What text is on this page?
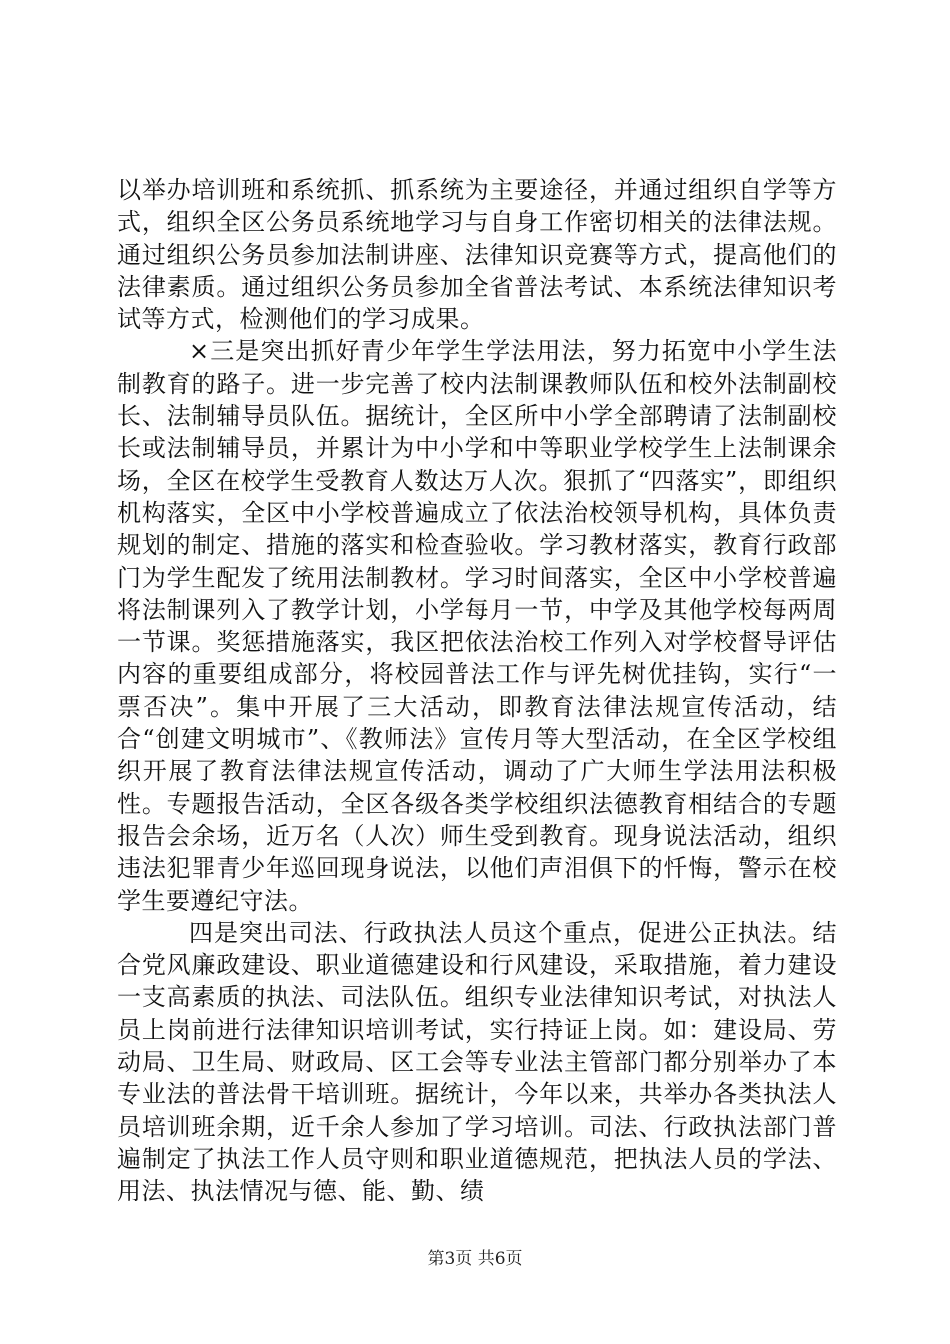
以举办培训班和系统抓、抓系统为主要途径，并通过组织自学等方式，组织全区公务员系统地学习与自身工作密切相关的法律法规。通过组织公务员参加法制讲座、法律知识竞赛等方式，提高他们的法律素质。通过组织公务员参加全省普法考试、本系统法律知识考试等方式，检测他们的学习成果。

×三是突出抓好青少年学生学法用法，努力拓宽中小学生法制教育的路子。进一步完善了校内法制课教师队伍和校外法制副校长、法制辅导员队伍。据统计，全区所中小学全部聘请了法制副校长或法制辅导员，并累计为中小学和中等职业学校学生上法制课余场，全区在校学生受教育人数达万人次。狠抓了“四落实”，即组织机构落实，全区中小学校普遍成立了依法治校领导机构，具体负责规划的制定、措施的落实和检查验收。学习教材落实，教育行政部门为学生配发了统用法制教材。学习时间落实，全区中小学校普遍将法制课列入了教学计划，小学每月一节，中学及其他学校每两周一节课。奖惩措施落实，我区把依法治校工作列入对学校督导评估内容的重要组成部分，将校园普法工作与评先树优挂钩，实行“一票否决”。集中开展了三大活动，即教育法律法规宣传活动，结合“创建文明城市”、《教师法》宣传月等大型活动，在全区学校组织开展了教育法律法规宣传活动，调动了广大师生学法用法积极性。专题报告活动，全区各级各类学校组织法德教育相结合的专题报告会余场，近万名（人次）师生受到教育。现身说法活动，组织违法犯罪青少年巡回现身说法，以他们声泪俱下的忏悔，警示在校学生要遵纪守法。

四是突出司法、行政执法人员这个重点，促进公正执法。结合党风廉政建设、职业道德建设和行风建设，采取措施，着力建设一支高素质的执法、司法队伍。组织专业法律知识考试，对执法人员上岗前进行法律知识培训考试，实行持证上岗。如：建设局、劳动局、卫生局、财政局、区工会等专业法主管部门都分别举办了本专业法的普法骨干培训班。据统计，今年以来，共举办各类执法人员培训班余期，近千余人参加了学习培训。司法、行政执法部门普遍制定了执法工作人员守则和职业道德规范，把执法人员的学法、用法、执法情况与德、能、勤、绩

第3页 共6页
